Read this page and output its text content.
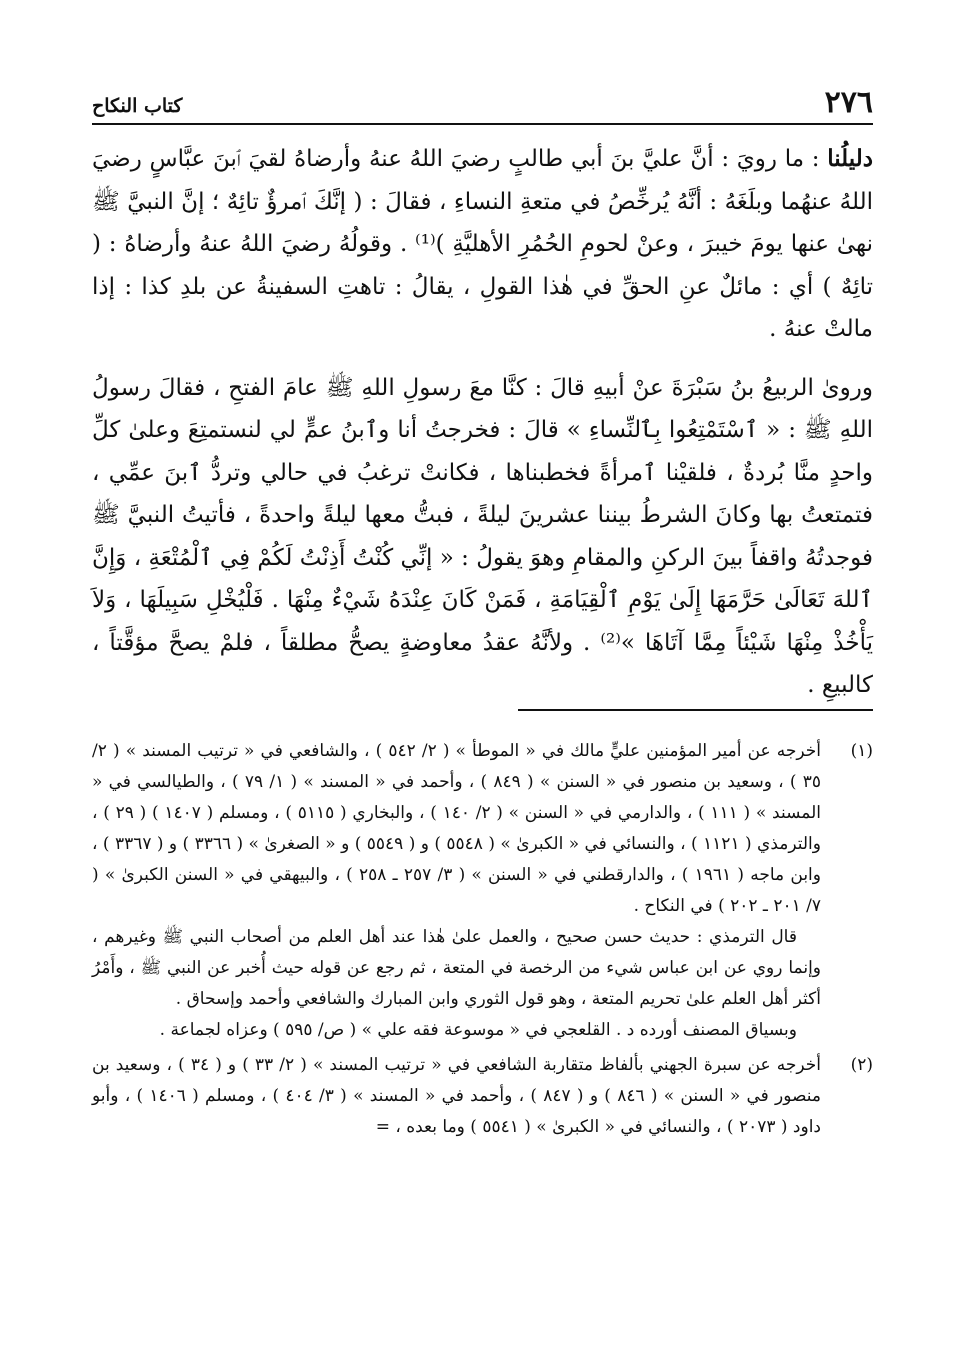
٢٧٦
كتاب النكاح

دليلُنا : ما رويَ : أنَّ عليَّ بنَ أبي طالبٍ رضيَ اللهُ عنهُ وأرضاهُ لقيَ ٱبنَ عبَّاسٍ رضيَ اللهُ عنهُما وبلَغَهُ : أنَّهُ يُرخِّصُ في متعةِ النساءِ ، فقالَ : ( إنَّكَ ٱمرؤٌ تائِهٌ ؛ إنَّ النبيَّ ﷺ نهىٰ عنها يومَ خيبرَ ، وعنْ لحومِ الحُمُرِ الأهليَّةِ )⁽¹⁾ . وقولُهُ رضيَ اللهُ عنهُ وأرضاهُ : ( تائِهٌ ) أي : مائلٌ عنِ الحقِّ في هٰذا القولِ ، يقالُ : تاهتِ السفينةُ عن بلدِ كذا : إذا مالتْ عنهُ .

وروىٰ الربيعُ بنُ سَبْرَةَ عنْ أبيهِ قالَ : كنَّا معَ رسولِ اللهِ ﷺ عامَ الفتحِ ، فقالَ رسولُ اللهِ ﷺ : « ٱسْتَمْتِعُوا بِٱلنِّساءِ » قالَ : فخرجتُ أنا وٱبنُ عمٍّ لي لنستمتِعَ وعلىٰ كلِّ واحدٍ منَّا بُردةٌ ، فلقيْنا ٱمرأةً فخطبناها ، فكانتْ ترغبُ في حالي وتردُّ ٱبنَ عمِّي ، فتمتعتُ بها وكانَ الشرطُ بيننا عشرينَ ليلةً ، فبتُّ معها ليلةً واحدةً ، فأتيتُ النبيَّ ﷺ فوجدتُهُ واقفاً بينَ الركنِ والمقامِ وهوَ يقولُ : « إنِّي كُنْتُ أَذِنْتُ لَكُمْ فِي ٱلْمُتْعَةِ ، وَإِنَّ ٱللهَ تَعَالَىٰ حَرَّمَهَا إِلَىٰ يَوْمِ ٱلْقِيَامَةِ ، فَمَنْ كَانَ عِنْدَهُ شَيْءٌ مِنْهَا . فَلْيُخْلِ سَبِيلَهَا ، وَلاَ يَأْخُذْ مِنْهَا شَيْئاً مِمَّا آتَاهَا »⁽²⁾ . ولأنَّهُ عقدُ معاوضةٍ يصحُّ مطلقاً ، فلمْ يصحَّ مؤقَّتاً ، كالبيعِ .

(١)

أخرجه عن أمير المؤمنين عليٍّ مالك في « الموطأ » ( ٢/ ٥٤٢ ) ، والشافعي في « ترتيب المسند » ( ٢/ ٣٥ ) ، وسعيد بن منصور في « السنن » ( ٨٤٩ ) ، وأحمد في « المسند » ( ١/ ٧٩ ) ، والطيالسي في « المسند » ( ١١١ ) ، والدارمي في « السنن » ( ٢/ ١٤٠ ) ، والبخاري ( ٥١١٥ ) ، ومسلم ( ١٤٠٧ ) ( ٢٩ ) ، والترمذي ( ١١٢١ ) ، والنسائي في « الكبرىٰ » ( ٥٥٤٨ ) و ( ٥٥٤٩ ) و « الصغرىٰ » ( ٣٣٦٦ ) و ( ٣٣٦٧ ) ، وابن ماجه ( ١٩٦١ ) ، والدارقطني في « السنن » ( ٣/ ٢٥٧ ـ ٢٥٨ ) ، والبيهقي في « السنن الكبرىٰ » ( ٧/ ٢٠١ ـ ٢٠٢ ) في النكاح .

قال الترمذي : حديث حسن صحيح ، والعمل علىٰ هٰذا عند أهل العلم من أصحاب النبي ﷺ وغيرهم ، وإنما روي عن ابن عباس شيء من الرخصة في المتعة ، ثم رجع عن قوله حيث أُخبر عن النبي ﷺ ، وأَمْرُ أكثر أهل العلم علىٰ تحريم المتعة ، وهو قول الثوري وابن المبارك والشافعي وأحمد وإسحاق .

وبسياق المصنف أورده د . القلعجي في « موسوعة فقه علي » ( ص/ ٥٩٥ ) وعزاه لجماعة .

(٢)

أخرجه عن سبرة الجهني بألفاظ متقاربة الشافعي في « ترتيب المسند » ( ٢/ ٣٣ ) و ( ٣٤ ) ، وسعيد بن منصور في « السنن » ( ٨٤٦ ) و ( ٨٤٧ ) ، وأحمد في « المسند » ( ٣/ ٤٠٤ ) ، ومسلم ( ١٤٠٦ ) ، وأبو داود ( ٢٠٧٣ ) ، والنسائي في « الكبرىٰ » ( ٥٥٤١ ) وما بعده ، =
